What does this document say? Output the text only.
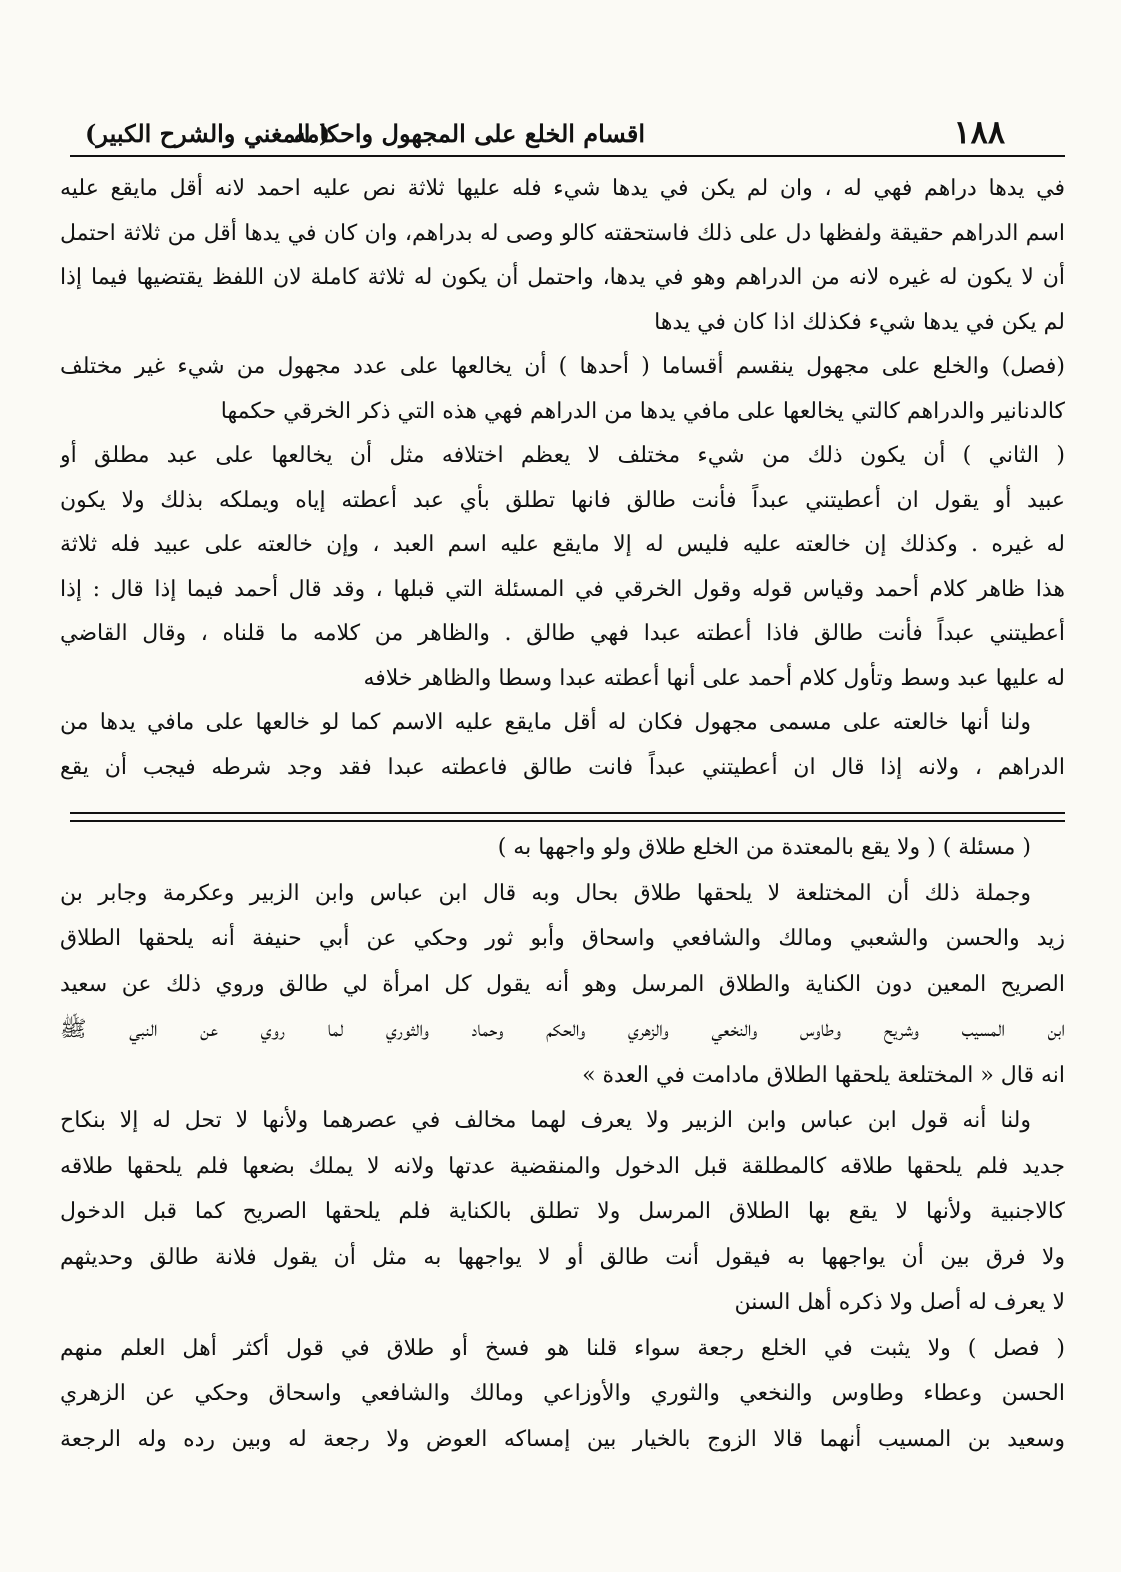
١٨٨
اقسام الخلع على المجهول واحكامه
( المغني والشرح الكبير)
في يدها دراهم فهي له ، وان لم يكن في يدها شيء فله عليها ثلاثة نص عليه احمد لانه أقل مايقع عليه
اسم الدراهم حقيقة ولفظها دل على ذلك فاستحقته كالو وصى له بدراهم، وان كان في يدها أقل من ثلاثة احتمل
أن لا يكون له غيره لانه من الدراهم وهو في يدها، واحتمل أن يكون له ثلاثة كاملة لان اللفظ يقتضيها فيما إذا
لم يكن في يدها شيء فكذلك اذا كان في يدها
(فصل) والخلع على مجهول ينقسم أقساما ( أحدها ) أن يخالعها على عدد مجهول من شيء غير مختلف
كالدنانير والدراهم كالتي يخالعها على مافي يدها من الدراهم فهي هذه التي ذكر الخرقي حكمها
( الثاني ) أن يكون ذلك من شيء مختلف لا يعظم اختلافه مثل أن يخالعها على عبد مطلق أو
عبيد أو يقول ان أعطيتني عبداً فأنت طالق فانها تطلق بأي عبد أعطته إياه ويملكه بذلك ولا يكون
له غيره . وكذلك إن خالعته عليه فليس له إلا مايقع عليه اسم العبد ، وإن خالعته على عبيد فله ثلاثة
هذا ظاهر كلام أحمد وقياس قوله وقول الخرقي في المسئلة التي قبلها ، وقد قال أحمد فيما إذا قال : إذا
أعطيتني عبداً فأنت طالق فاذا أعطته عبدا فهي طالق . والظاهر من كلامه ما قلناه ، وقال القاضي
له عليها عبد وسط وتأول كلام أحمد على أنها أعطته عبدا وسطا والظاهر خلافه
ولنا أنها خالعته على مسمى مجهول فكان له أقل مايقع عليه الاسم كما لو خالعها على مافي يدها من
الدراهم ، ولانه إذا قال ان أعطيتني عبداً فانت طالق فاعطته عبدا فقد وجد شرطه فيجب أن يقع
( مسئلة ) ( ولا يقع بالمعتدة من الخلع طلاق ولو واجهها به )
وجملة ذلك أن المختلعة لا يلحقها طلاق بحال وبه قال ابن عباس وابن الزبير وعكرمة وجابر بن
زيد والحسن والشعبي ومالك والشافعي واسحاق وأبو ثور وحكي عن أبي حنيفة أنه يلحقها الطلاق
الصريح المعين دون الكناية والطلاق المرسل وهو أنه يقول كل امرأة لي طالق وروي ذلك عن سعيد
ابن المسيب وشريح وطاوس والنخعي والزهري والحكم وحماد والثوري لما روي عن النبي ﷺ
انه قال « المختلعة يلحقها الطلاق مادامت في العدة »
ولنا أنه قول ابن عباس وابن الزبير ولا يعرف لهما مخالف في عصرهما ولأنها لا تحل له إلا بنكاح
جديد فلم يلحقها طلاقه كالمطلقة قبل الدخول والمنقضية عدتها ولانه لا يملك بضعها فلم يلحقها طلاقه
كالاجنبية ولأنها لا يقع بها الطلاق المرسل ولا تطلق بالكناية فلم يلحقها الصريح كما قبل الدخول
ولا فرق بين أن يواجهها به فيقول أنت طالق أو لا يواجهها به مثل أن يقول فلانة طالق وحديثهم
لا يعرف له أصل ولا ذكره أهل السنن
( فصل ) ولا يثبت في الخلع رجعة سواء قلنا هو فسخ أو طلاق في قول أكثر أهل العلم منهم
الحسن وعطاء وطاوس والنخعي والثوري والأوزاعي ومالك والشافعي واسحاق وحكي عن الزهري
وسعيد بن المسيب أنهما قالا الزوج بالخيار بين إمساكه العوض ولا رجعة له وبين رده وله الرجعة
